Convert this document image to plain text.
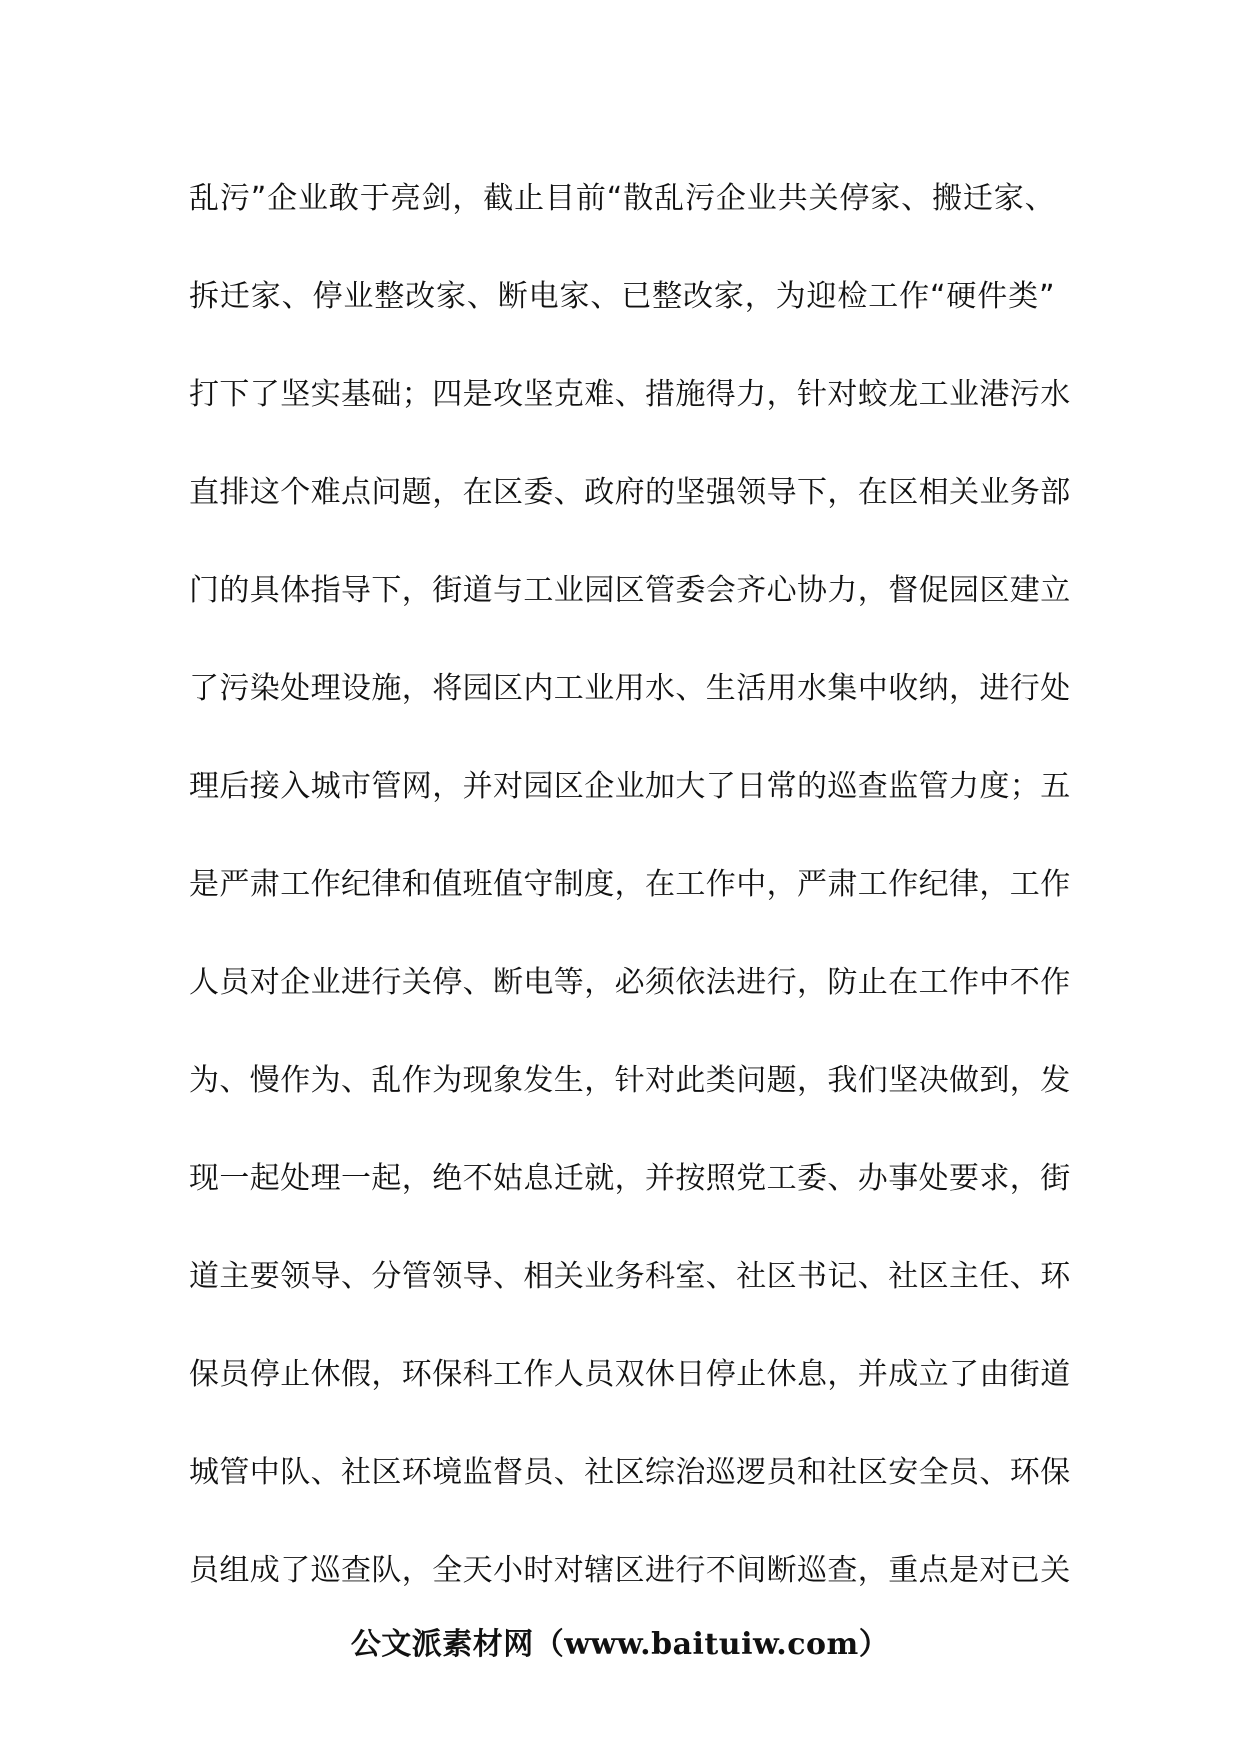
乱污”企业敢于亮剑，截止目前“散乱污企业共关停家、搬迁家、
拆迁家、停业整改家、断电家、已整改家，为迎检工作“硬件类”
打下了坚实基础；四是攻坚克难、措施得力，针对蛟龙工业港污水
直排这个难点问题，在区委、政府的坚强领导下，在区相关业务部
门的具体指导下，街道与工业园区管委会齐心协力，督促园区建立
了污染处理设施，将园区内工业用水、生活用水集中收纳，进行处
理后接入城市管网，并对园区企业加大了日常的巡查监管力度；五
是严肃工作纪律和值班值守制度，在工作中，严肃工作纪律，工作
人员对企业进行关停、断电等，必须依法进行，防止在工作中不作
为、慢作为、乱作为现象发生，针对此类问题，我们坚决做到，发
现一起处理一起，绝不姑息迁就，并按照党工委、办事处要求，街
道主要领导、分管领导、相关业务科室、社区书记、社区主任、环
保员停止休假，环保科工作人员双休日停止休息，并成立了由街道
城管中队、社区环境监督员、社区综治巡逻员和社区安全员、环保
员组成了巡查队，全天小时对辖区进行不间断巡查，重点是对已关
公文派素材网（www.baituiw.com）
